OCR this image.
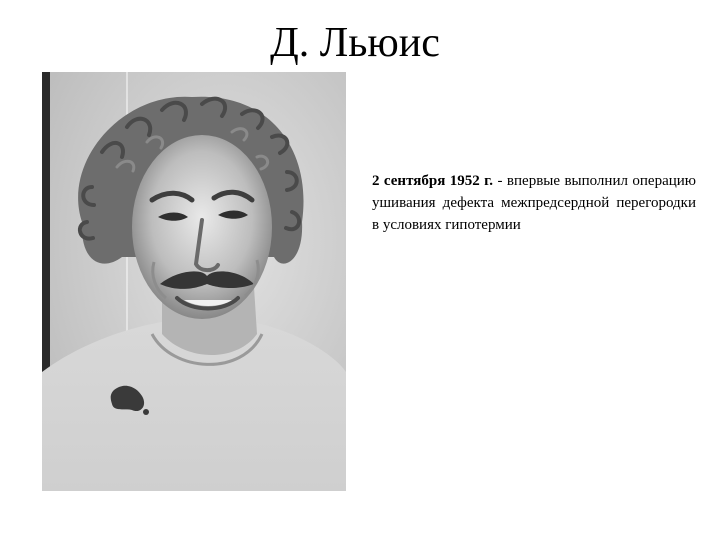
Д. Льюис
2 сентября 1952 г. - впервые выполнил операцию ушивания дефекта межпредсердной перегородки в условиях гипотермии
